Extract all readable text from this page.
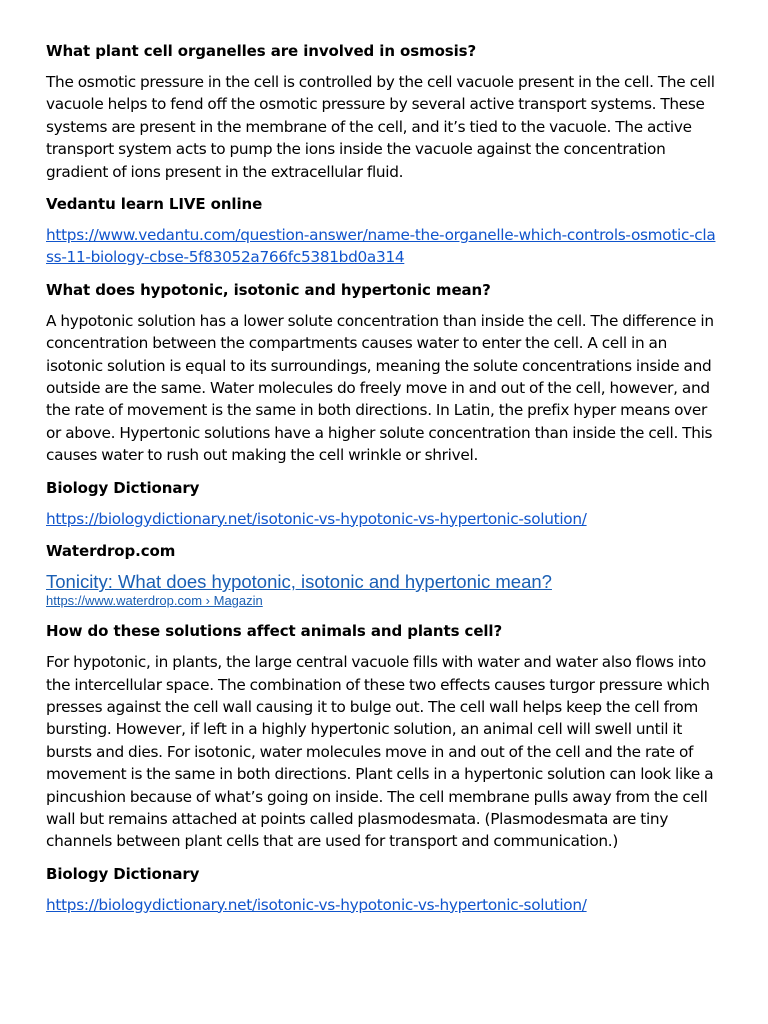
What plant cell organelles are involved in osmosis?

The osmotic pressure in the cell is controlled by the cell vacuole present in the cell. The cell vacuole helps to fend off the osmotic pressure by several active transport systems. These systems are present in the membrane of the cell, and it’s tied to the vacuole. The active transport system acts to pump the ions inside the vacuole against the concentration gradient of ions present in the extracellular fluid.

Vedantu learn LIVE online

https://www.vedantu.com/question-answer/name-the-organelle-which-controls-osmotic-class-11-biology-cbse-5f83052a766fc5381bd0a314

What does hypotonic, isotonic and hypertonic mean?

A hypotonic solution has a lower solute concentration than inside the cell. The difference in concentration between the compartments causes water to enter the cell. A cell in an isotonic solution is equal to its surroundings, meaning the solute concentrations inside and outside are the same. Water molecules do freely move in and out of the cell, however, and the rate of movement is the same in both directions. In Latin, the prefix hyper means over or above. Hypertonic solutions have a higher solute concentration than inside the cell. This causes water to rush out making the cell wrinkle or shrivel.

Biology Dictionary

https://biologydictionary.net/isotonic-vs-hypotonic-vs-hypertonic-solution/

Waterdrop.com

Tonicity: What does hypotonic, isotonic and hypertonic mean?
https://www.waterdrop.com › Magazin

How do these solutions affect animals and plants cell?

For hypotonic, in plants, the large central vacuole fills with water and water also flows into the intercellular space. The combination of these two effects causes turgor pressure which presses against the cell wall causing it to bulge out. The cell wall helps keep the cell from bursting. However, if left in a highly hypertonic solution, an animal cell will swell until it bursts and dies. For isotonic, water molecules move in and out of the cell and the rate of movement is the same in both directions. Plant cells in a hypertonic solution can look like a pincushion because of what’s going on inside. The cell membrane pulls away from the cell wall but remains attached at points called plasmodesmata. (Plasmodesmata are tiny channels between plant cells that are used for transport and communication.)

Biology Dictionary

https://biologydictionary.net/isotonic-vs-hypotonic-vs-hypertonic-solution/
